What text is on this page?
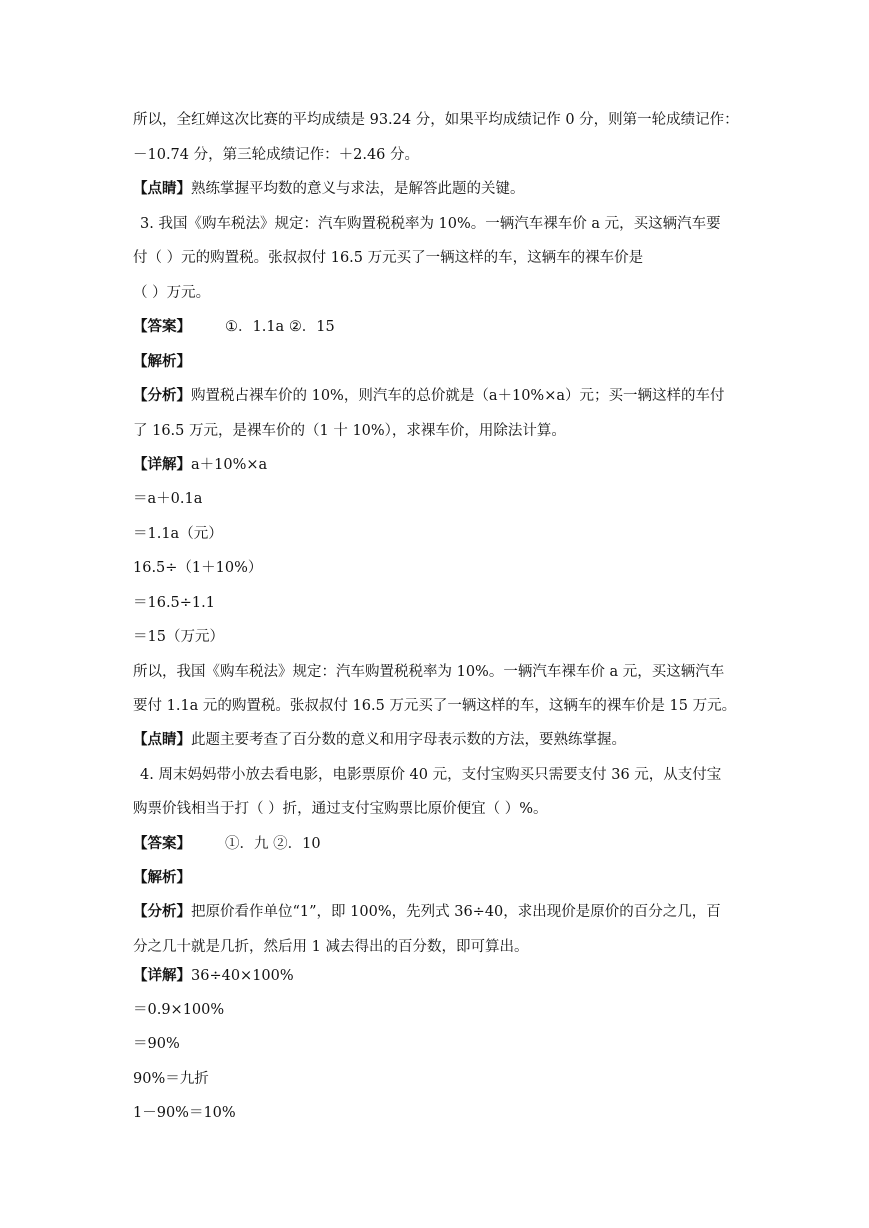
所以，全红婵这次比赛的平均成绩是 93.24 分，如果平均成绩记作 0 分，则第一轮成绩记作：
－10.74 分，第三轮成绩记作：＋2.46 分。
【点睛】熟练掌握平均数的意义与求法，是解答此题的关键。
3. 我国《购车税法》规定：汽车购置税税率为 10%。一辆汽车裸车价 a 元，买这辆汽车要
付（ ）元的购置税。张叔叔付 16.5 万元买了一辆这样的车，这辆车的裸车价是
（ ）万元。
【答案】 ①．1.1a ②．15
【解析】
【分析】购置税占裸车价的 10%，则汽车的总价就是（a＋10%×a）元；买一辆这样的车付
了 16.5 万元，是裸车价的（1 十 10%），求裸车价，用除法计算。
【详解】a＋10%×a
＝a＋0.1a
＝1.1a（元）
16.5÷（1＋10%）
＝16.5÷1.1
＝15（万元）
所以，我国《购车税法》规定：汽车购置税税率为 10%。一辆汽车裸车价 a 元，买这辆汽车
要付 1.1a 元的购置税。张叔叔付 16.5 万元买了一辆这样的车，这辆车的裸车价是 15 万元。
【点睛】此题主要考查了百分数的意义和用字母表示数的方法，要熟练掌握。
4. 周末妈妈带小放去看电影，电影票原价 40 元，支付宝购买只需要支付 36 元，从支付宝
购票价钱相当于打（ ）折，通过支付宝购票比原价便宜（ ）%。
【答案】 ①．九 ②．10
【解析】
【分析】把原价看作单位“1”，即 100%，先列式 36÷40，求出现价是原价的百分之几，百
分之几十就是几折，然后用 1 减去得出的百分数，即可算出。
【详解】36÷40×100%
＝0.9×100%
＝90%
90%＝九折
1－90%＝10%
